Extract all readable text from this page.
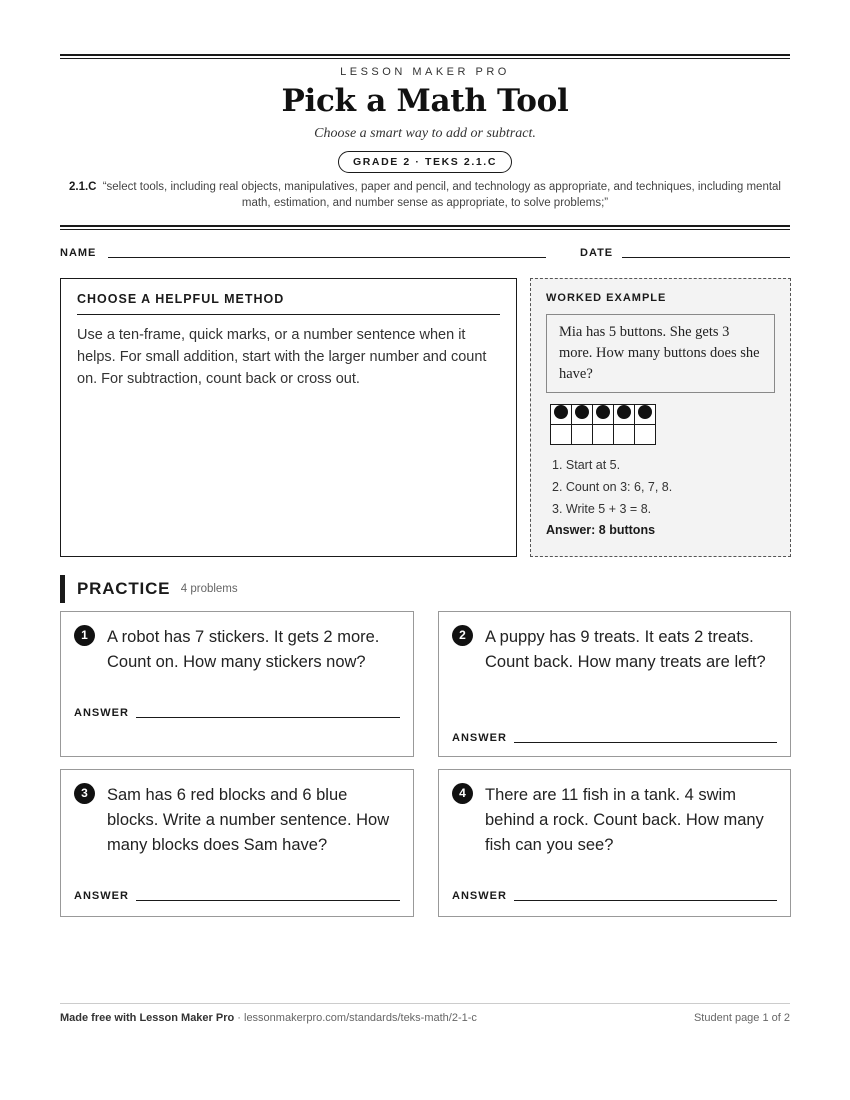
LESSON MAKER PRO
Pick a Math Tool
Choose a smart way to add or subtract.
GRADE 2 · TEKS 2.1.C
2.1.C “select tools, including real objects, manipulatives, paper and pencil, and technology as appropriate, and techniques, including mental math, estimation, and number sense as appropriate, to solve problems;”
NAME	DATE
CHOOSE A HELPFUL METHOD
Use a ten-frame, quick marks, or a number sentence when it helps. For small addition, start with the larger number and count on. For subtraction, count back or cross out.
WORKED EXAMPLE
Mia has 5 buttons. She gets 3 more. How many buttons does she have?

1. Start at 5.
2. Count on 3: 6, 7, 8.
3. Write 5 + 3 = 8.
Answer: 8 buttons
PRACTICE 4 problems
1	A robot has 7 stickers. It gets 2 more. Count on. How many stickers now?
ANSWER
2	A puppy has 9 treats. It eats 2 treats. Count back. How many treats are left?
ANSWER
3	Sam has 6 red blocks and 6 blue blocks. Write a number sentence. How many blocks does Sam have?
ANSWER
4	There are 11 fish in a tank. 4 swim behind a rock. Count back. How many fish can you see?
ANSWER
Made free with Lesson Maker Pro · lessonmakerpro.com/standards/teks-math/2-1-c	Student page 1 of 2
